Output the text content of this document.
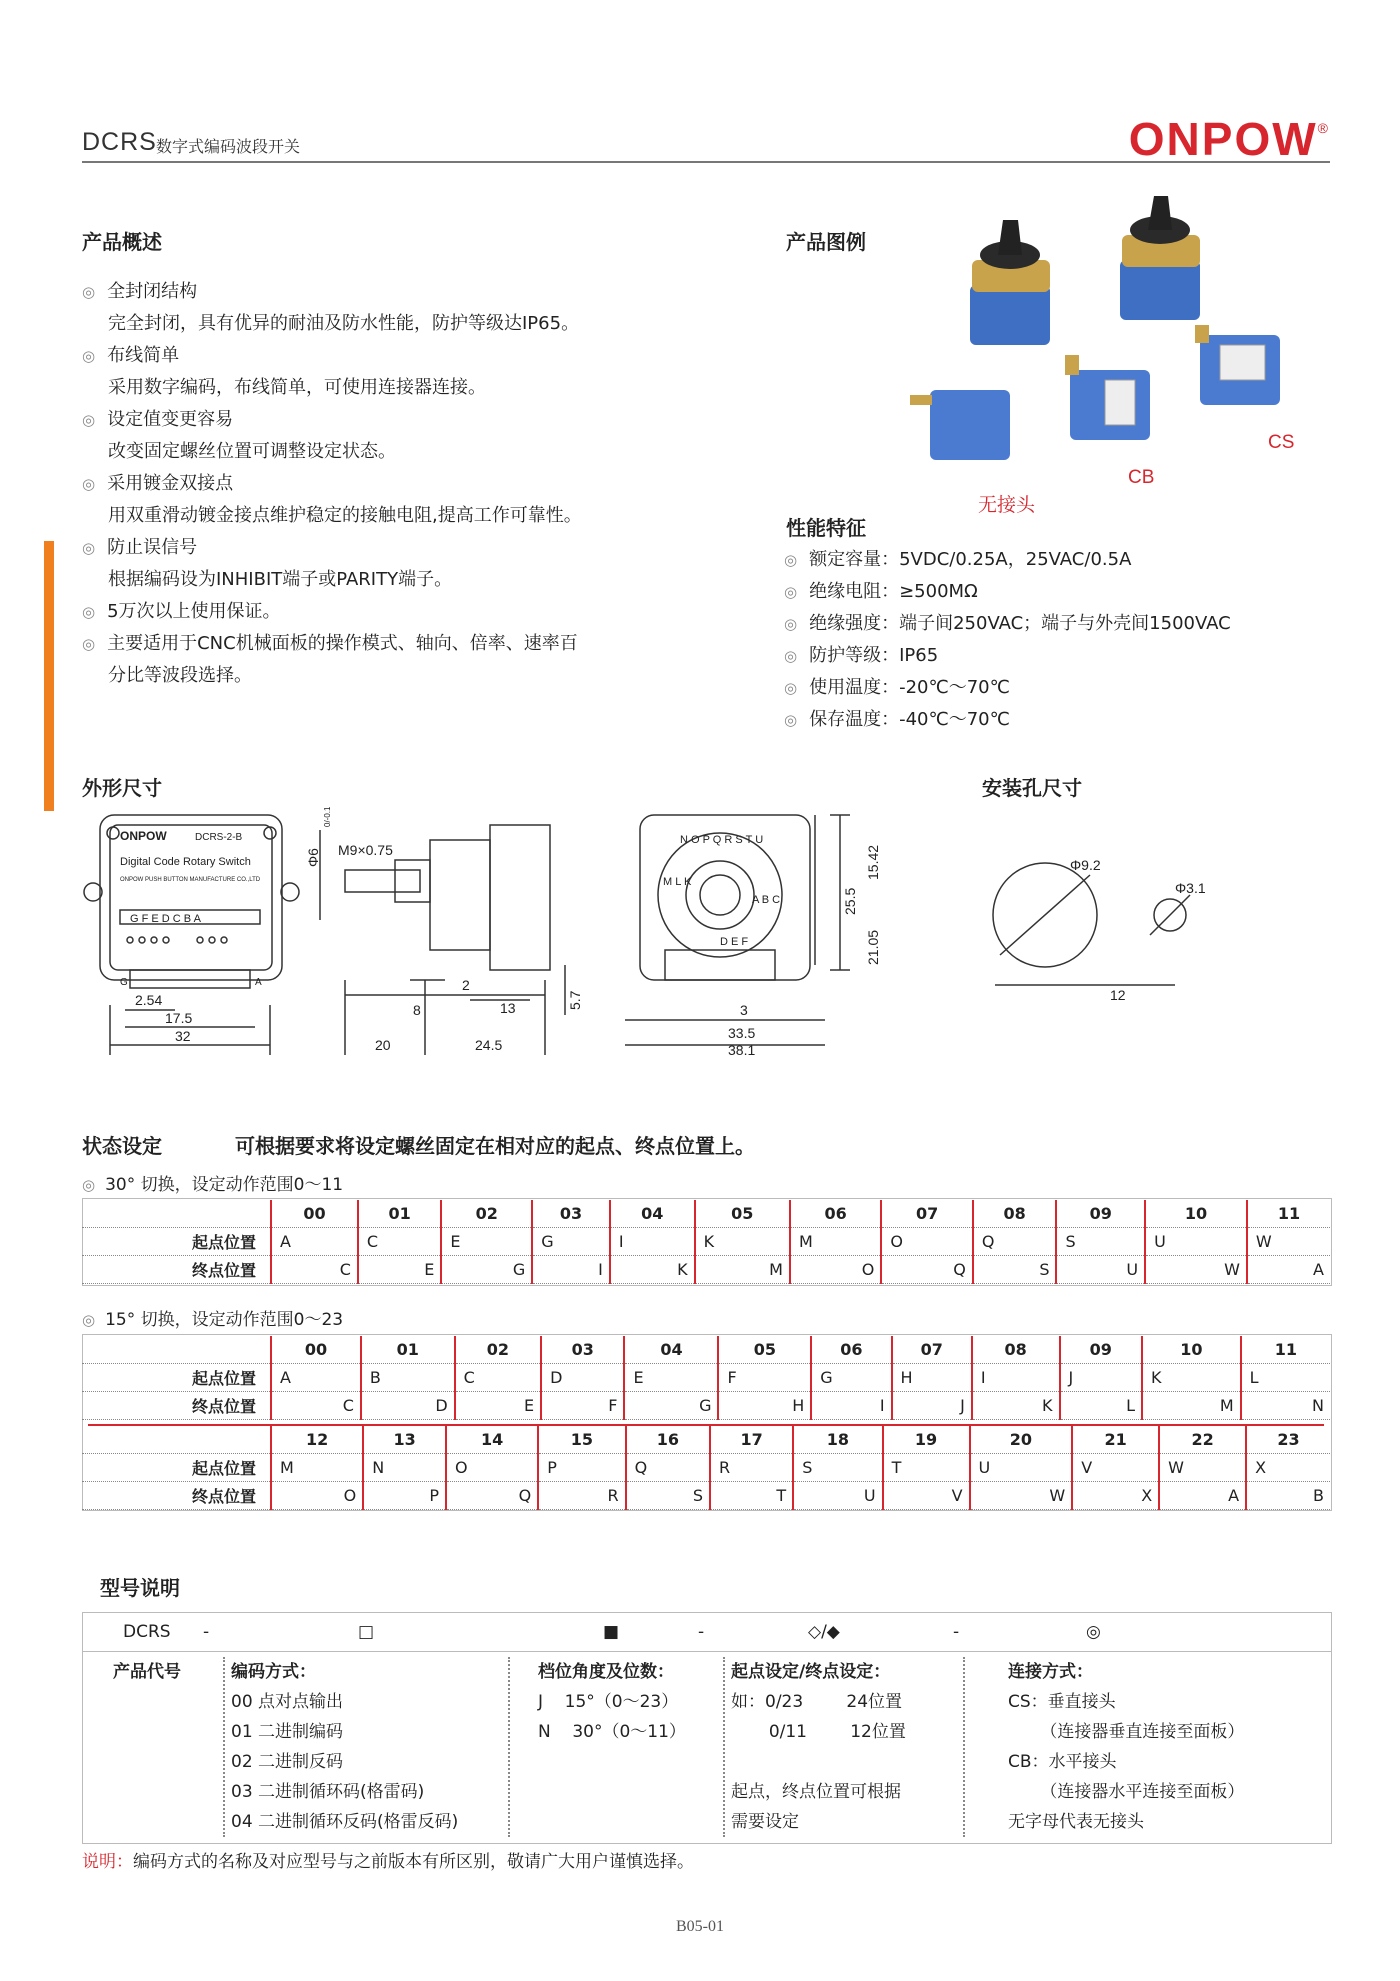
DCRS 数字式编码波段开关	ONPOW®
产品概述
◎ 全封闭结构
完全封闭，具有优异的耐油及防水性能，防护等级达IP65。
◎ 布线简单
采用数字编码，布线简单，可使用连接器连接。
◎ 设定值变更容易
改变固定螺丝位置可调整设定状态。
◎ 采用镀金双接点
用双重滑动镀金接点维护稳定的接触电阻,提高工作可靠性。
◎ 防止误信号
根据编码设为INHIBIT端子或PARITY端子。
◎ 5万次以上使用保证。
◎ 主要适用于CNC机械面板的操作模式、轴向、倍率、速率百
分比等波段选择。
产品图例
无接头
CB
CS
性能特征
◎ 额定容量：5VDC/0.25A，25VAC/0.5A
◎ 绝缘电阻：≥500MΩ
◎ 绝缘强度：端子间250VAC；端子与外壳间1500VAC
◎ 防护等级：IP65
◎ 使用温度：-20℃～70℃
◎ 保存温度：-40℃～70℃
外形尺寸	安装孔尺寸
ONPOW	DCRS-2-B
Digital Code Rotary Switch
ONPOW PUSH BUTTON MANUFACTURE CO.,LTD
G F E D C B A
G	A
2.54
17.5
32
M9×0.75
Φ6
0/-0.1
2
8	13	5.7
20	24.5
N O P Q R S T U
M L K
A B C
D E F
15.42
25.5
21.05
3
33.5
38.1
Φ9.2
Φ3.1
12
状态设定	可根据要求将设定螺丝固定在相对应的起点、终点位置上。
◎ 30° 切换，设定动作范围0～11
	00	01	02	03	04	05	06	07	08	09	10	11
起点位置	A	C	E	G	I	K	M	O	Q	S	U	W
终点位置	C	E	G	I	K	M	O	Q	S	U	W	A
◎ 15° 切换，设定动作范围0～23
	00	01	02	03	04	05	06	07	08	09	10	11
起点位置	A	B	C	D	E	F	G	H	I	J	K	L
终点位置	C	D	E	F	G	H	I	J	K	L	M	N
	12	13	14	15	16	17	18	19	20	21	22	23
起点位置	M	N	O	P	Q	R	S	T	U	V	W	X
终点位置	O	P	Q	R	S	T	U	V	W	X	A	B
型号说明
DCRS -	□	■	-	◇/◆	-	◎
产品代号	编码方式：
00 点对点输出
01 二进制编码
02 二进制反码
03 二进制循环码(格雷码)
04 二进制循环反码(格雷反码)
档位角度及位数：
J    15°（0～23）
N    30°（0～11）
起点设定/终点设定：
如：0/23        24位置
0/11        12位置
起点，终点位置可根据
需要设定
连接方式：
CS：垂直接头
（连接器垂直连接至面板）
CB：水平接头
（连接器水平连接至面板）
无字母代表无接头
说明：编码方式的名称及对应型号与之前版本有所区别，敬请广大用户谨慎选择。
B05-01
